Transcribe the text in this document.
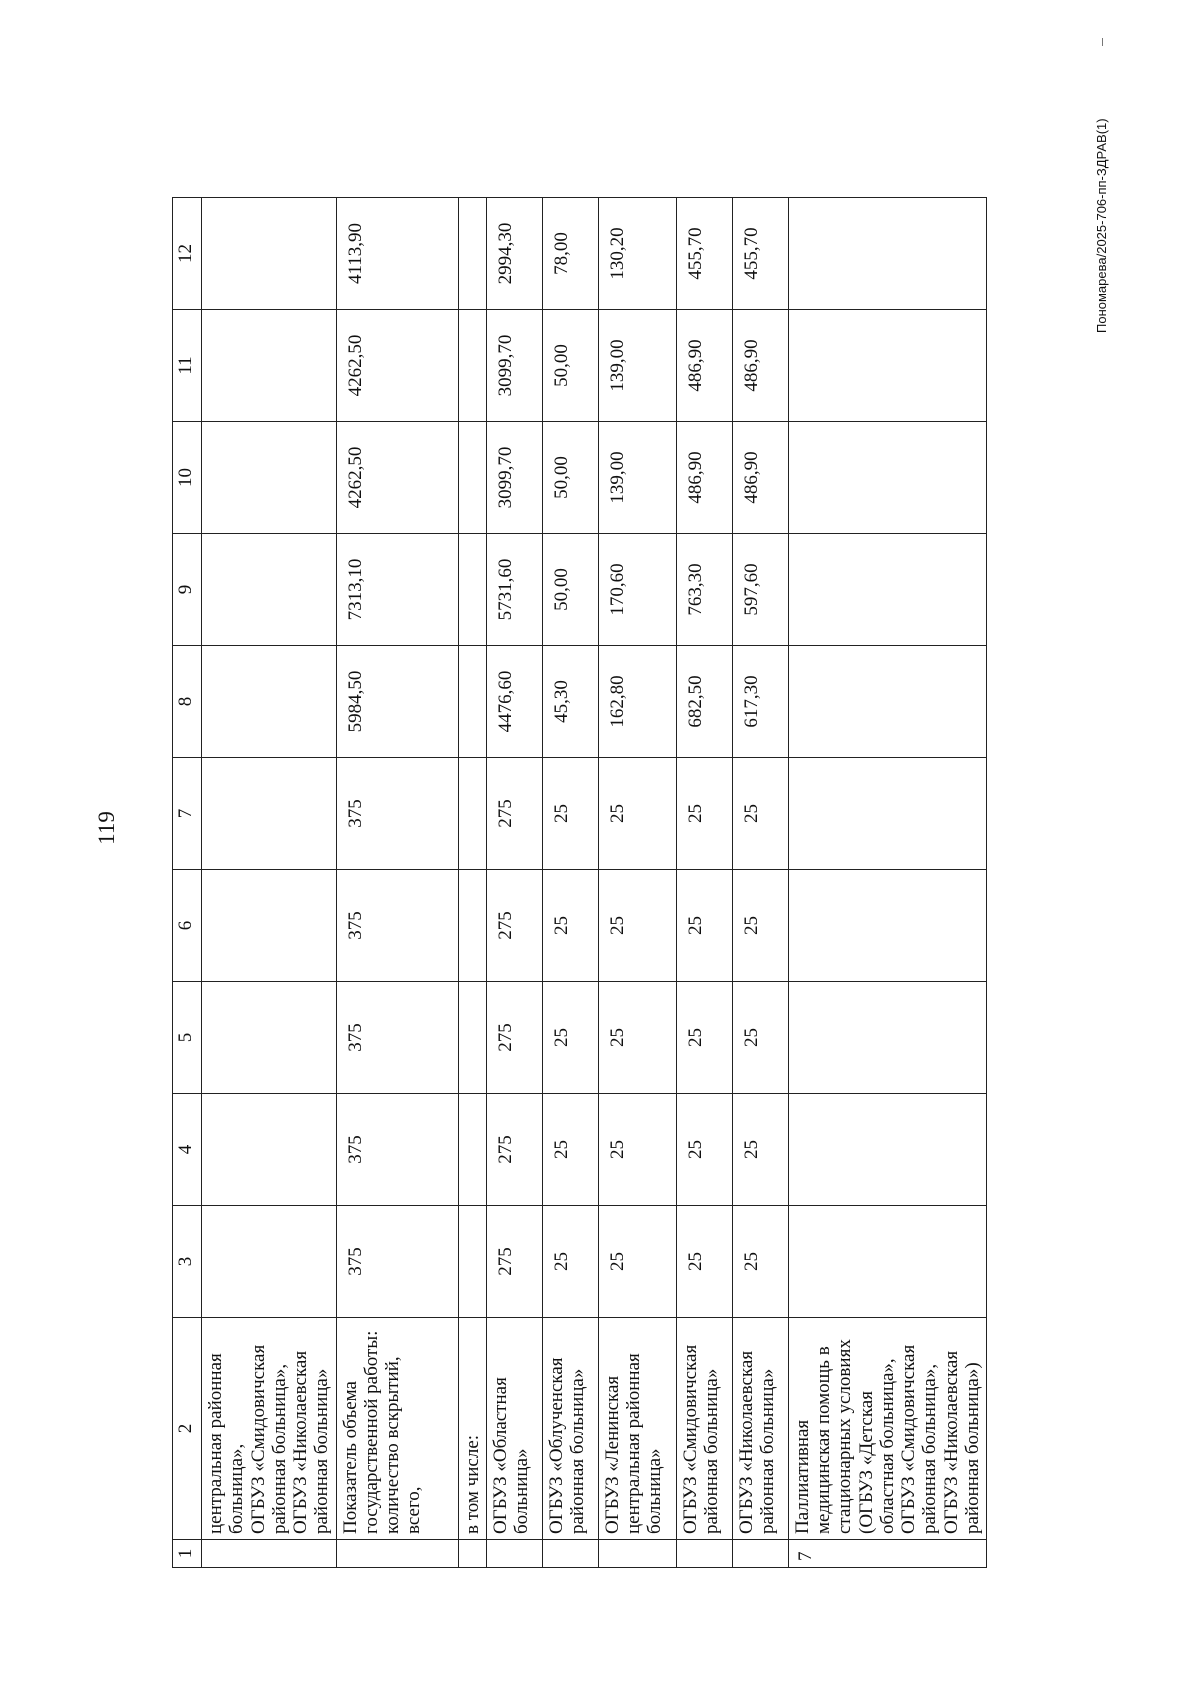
119
1	2	3	4	5	6	7	8	9	10	11	12
	центральная районная больница»,
ОГБУЗ «Смидовичская районная больница»,
ОГБУЗ «Николаевская районная больница»										
	Показатель объема государственной работы: количество вскрытий, всего,	375	375	375	375	375	5984,50	7313,10	4262,50	4262,50	4113,90
	в том числе:										
	ОГБУЗ «Областная больница»	275	275	275	275	275	4476,60	5731,60	3099,70	3099,70	2994,30
	ОГБУЗ «Облученская районная больница»	25	25	25	25	25	45,30	50,00	50,00	50,00	78,00
	ОГБУЗ «Ленинская центральная районная больница»	25	25	25	25	25	162,80	170,60	139,00	139,00	130,20
	ОГБУЗ «Смидовичская районная больница»	25	25	25	25	25	682,50	763,30	486,90	486,90	455,70
	ОГБУЗ «Николаевская районная больница»	25	25	25	25	25	617,30	597,60	486,90	486,90	455,70
7	Паллиативная медицинская помощь в стационарных условиях (ОГБУЗ «Детская областная больница», ОГБУЗ «Смидовичская районная больница», ОГБУЗ «Николаевская районная больница»)										
Пономарева/2025-706-пп-ЗДРАВ(1)
